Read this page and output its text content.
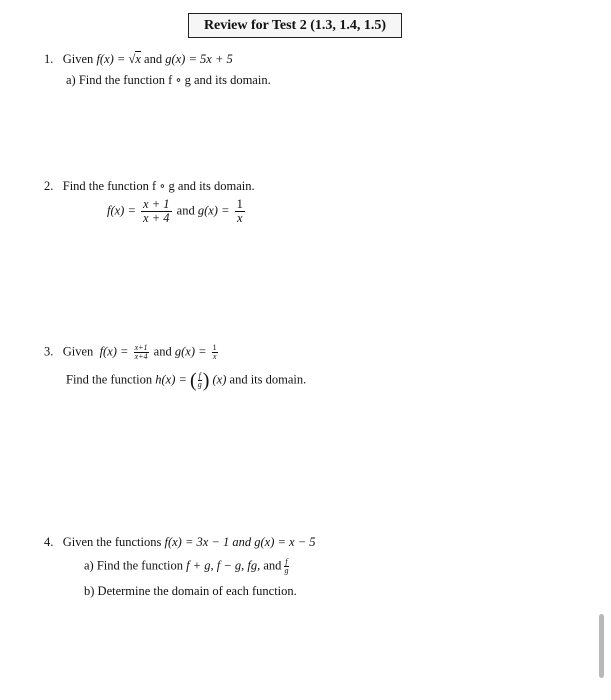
Review for Test 2 (1.3, 1.4, 1.5)
1. Given f(x) = √x and g(x) = 5x + 5
a) Find the function f ∘ g and its domain.
2. Find the function f ∘ g and its domain.
$f(x) = \frac{x + 1}{x + 4}$ and $g(x) = \frac{1}{x}$
3. Given $f(x) = \frac{x+1}{x+4}$ and $g(x) = \frac{1}{x}$
Find the function h(x) = ( $\frac{f}{g}$ ) (x) and its domain.
4. Given the functions f(x) = 3x − 1 and g(x) = x − 5
a) Find the function f + g, f − g, fg, and $\frac{f}{g}$
b) Determine the domain of each function.
